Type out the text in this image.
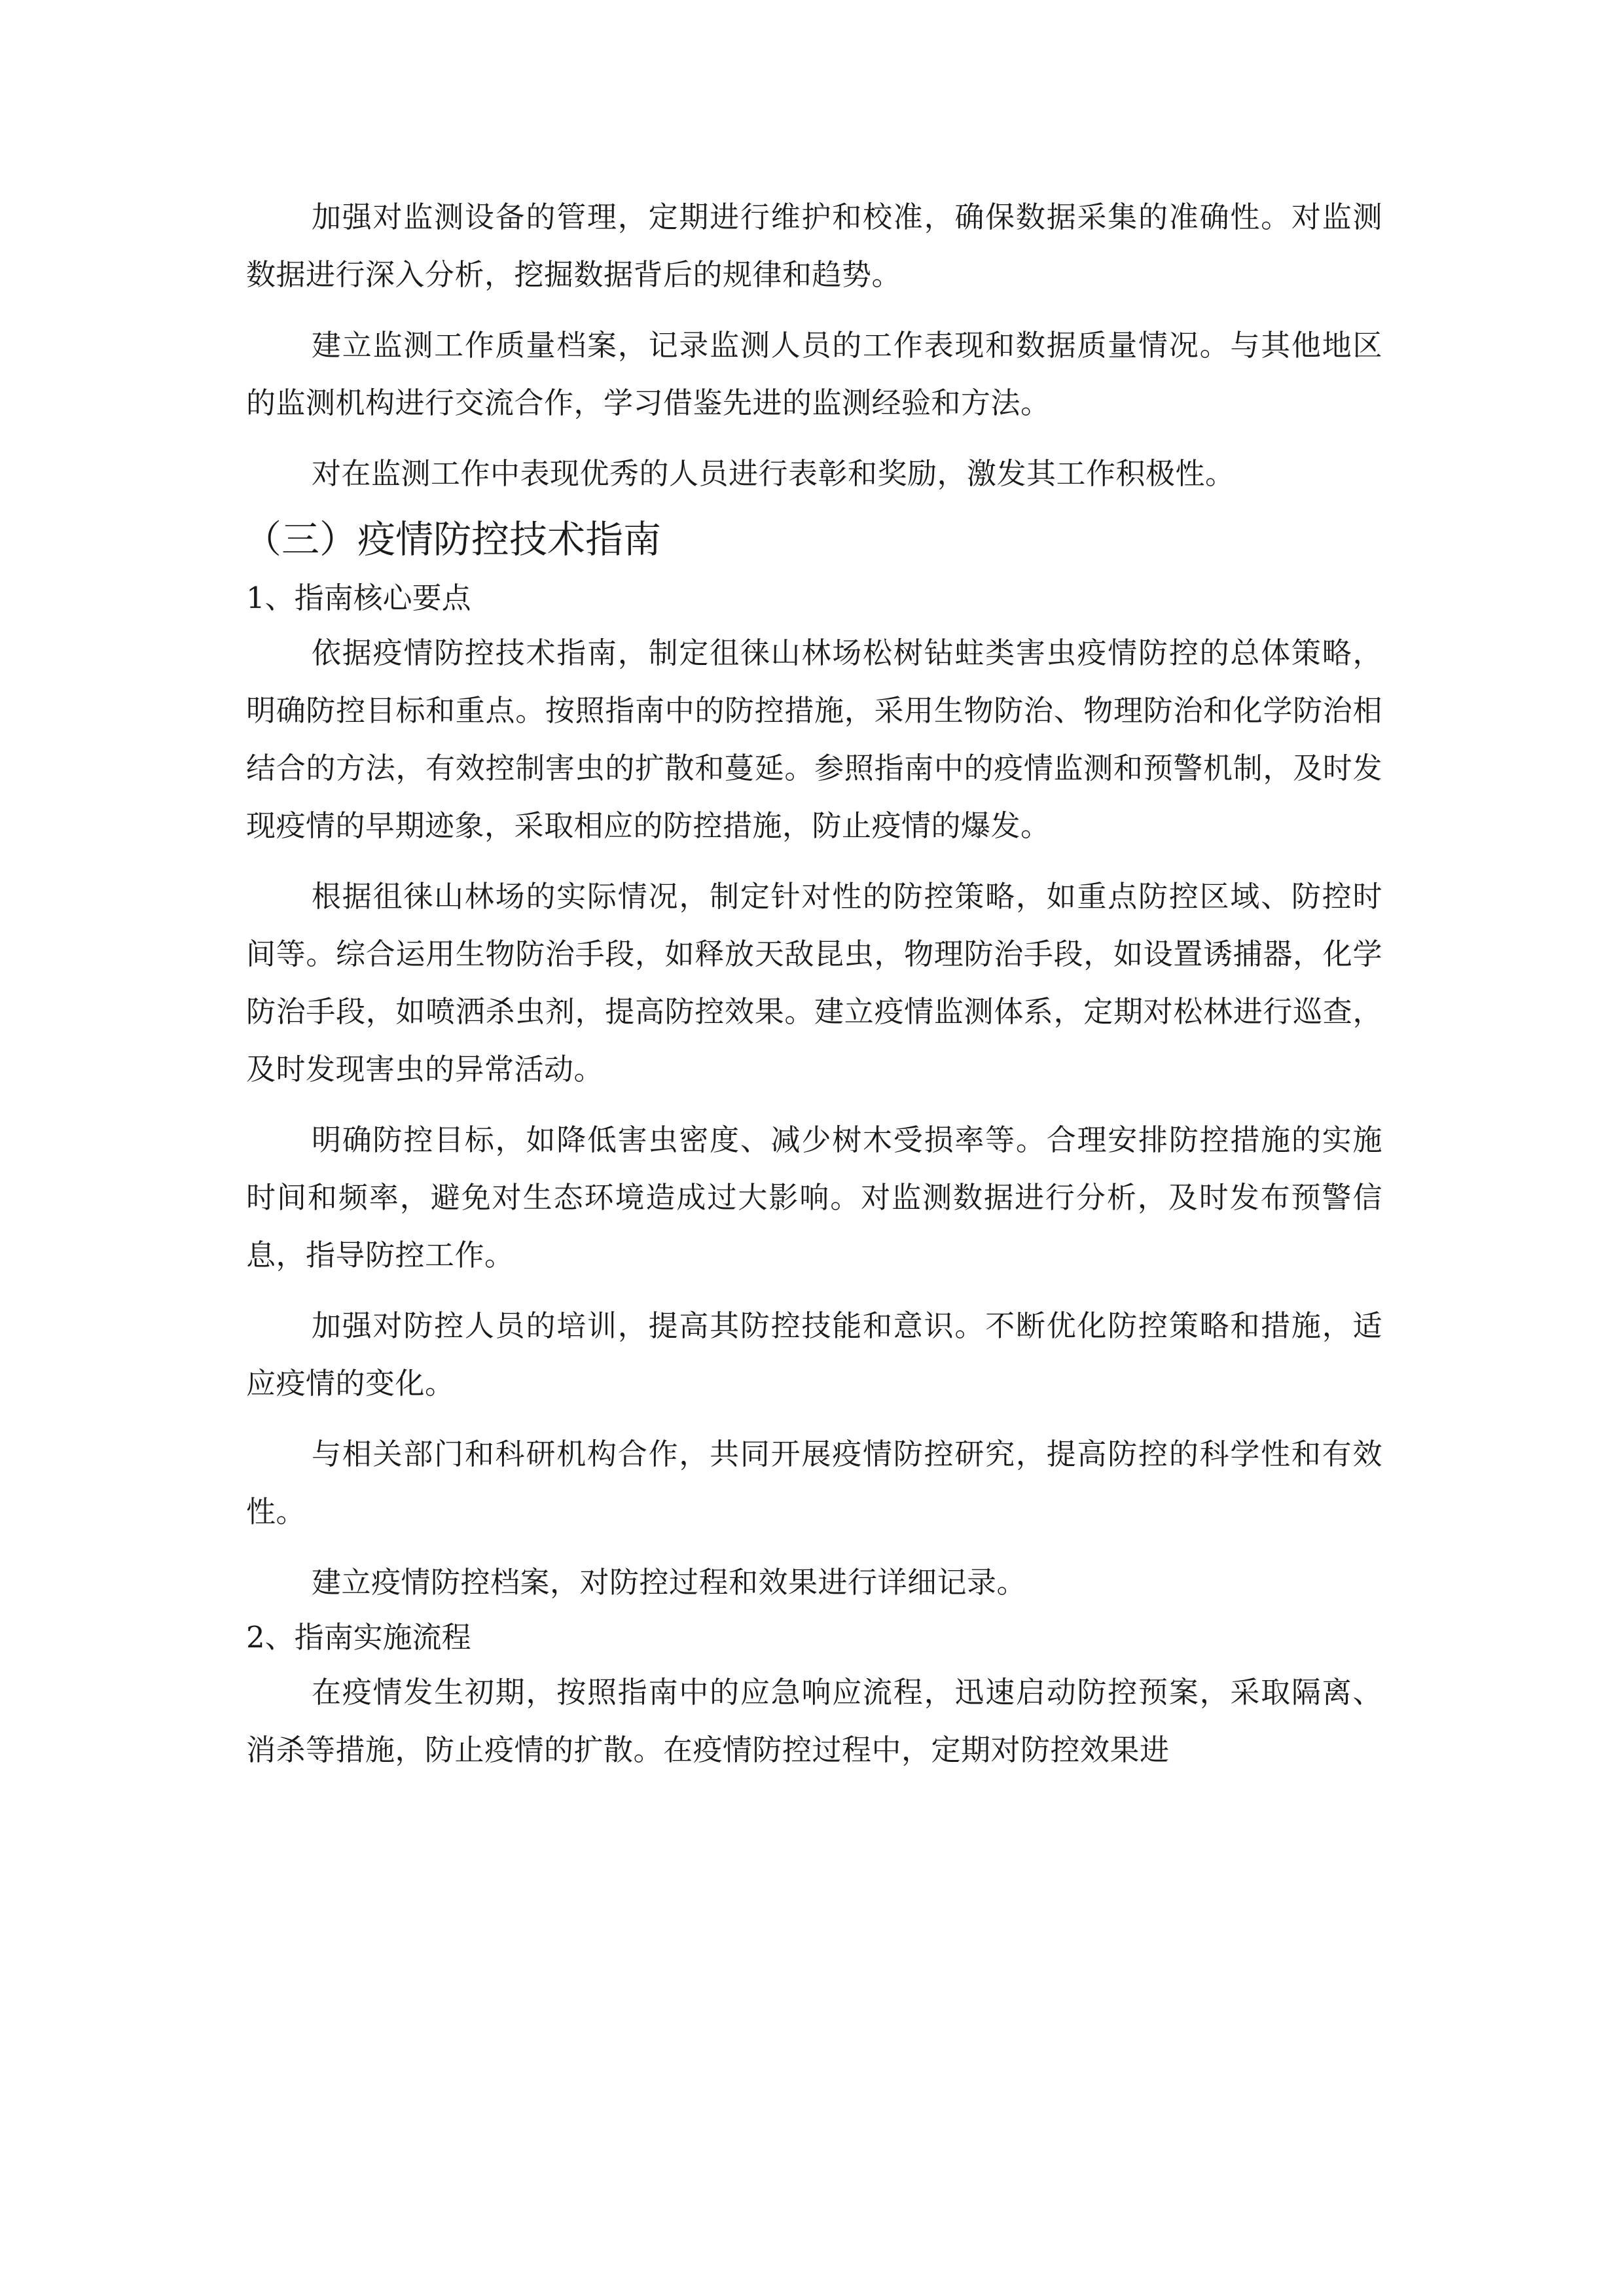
加强对监测设备的管理，定期进行维护和校准，确保数据采集的准确性。对监测数据进行深入分析，挖掘数据背后的规律和趋势。

建立监测工作质量档案，记录监测人员的工作表现和数据质量情况。与其他地区的监测机构进行交流合作，学习借鉴先进的监测经验和方法。

对在监测工作中表现优秀的人员进行表彰和奖励，激发其工作积极性。

（三）疫情防控技术指南
1、指南核心要点

依据疫情防控技术指南，制定徂徕山林场松树钻蛀类害虫疫情防控的总体策略，明确防控目标和重点。按照指南中的防控措施，采用生物防治、物理防治和化学防治相结合的方法，有效控制害虫的扩散和蔓延。参照指南中的疫情监测和预警机制，及时发现疫情的早期迹象，采取相应的防控措施，防止疫情的爆发。

根据徂徕山林场的实际情况，制定针对性的防控策略，如重点防控区域、防控时间等。综合运用生物防治手段，如释放天敌昆虫，物理防治手段，如设置诱捕器，化学防治手段，如喷洒杀虫剂，提高防控效果。建立疫情监测体系，定期对松林进行巡查，及时发现害虫的异常活动。

明确防控目标，如降低害虫密度、减少树木受损率等。合理安排防控措施的实施时间和频率，避免对生态环境造成过大影响。对监测数据进行分析，及时发布预警信息，指导防控工作。

加强对防控人员的培训，提高其防控技能和意识。不断优化防控策略和措施，适应疫情的变化。

与相关部门和科研机构合作，共同开展疫情防控研究，提高防控的科学性和有效性。

建立疫情防控档案，对防控过程和效果进行详细记录。

2、指南实施流程

在疫情发生初期，按照指南中的应急响应流程，迅速启动防控预案，采取隔离、消杀等措施，防止疫情的扩散。在疫情防控过程中，定期对防控效果进
